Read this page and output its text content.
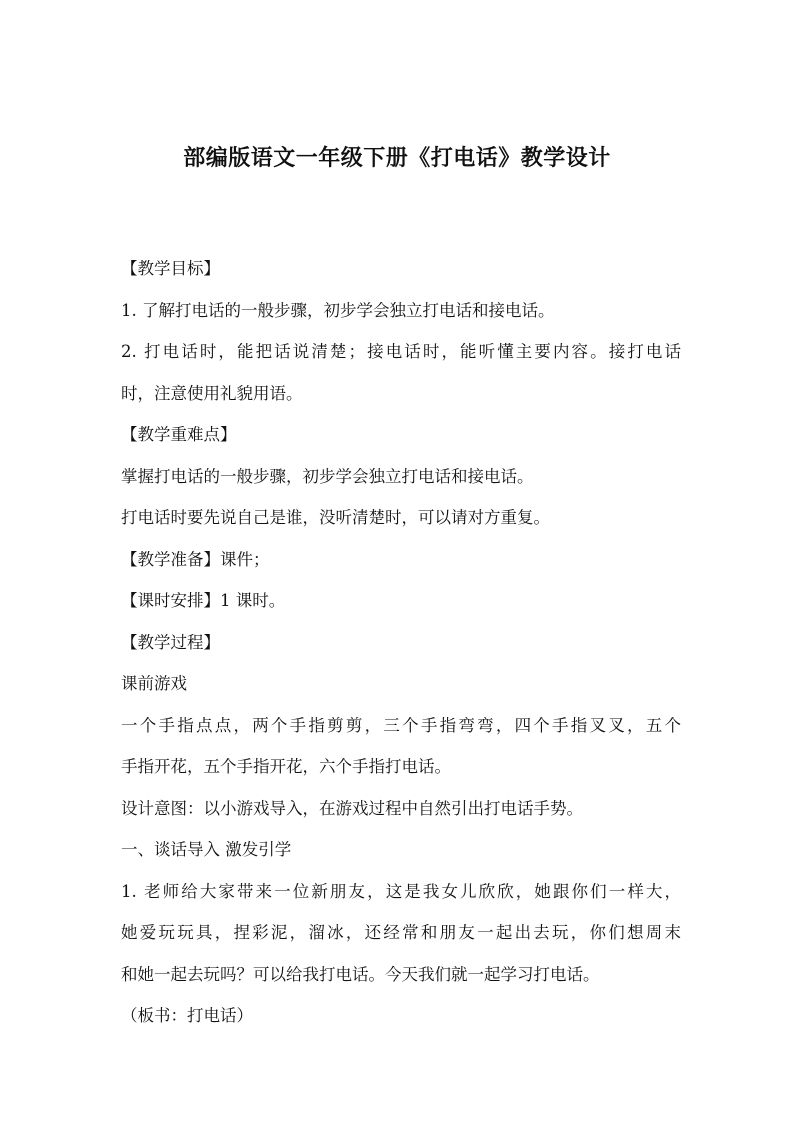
部编版语文一年级下册《打电话》教学设计
【教学目标】
1. 了解打电话的一般步骤，初步学会独立打电话和接电话。
2. 打电话时，能把话说清楚；接电话时，能听懂主要内容。接打电话
时，注意使用礼貌用语。
【教学重难点】
掌握打电话的一般步骤，初步学会独立打电话和接电话。
打电话时要先说自己是谁，没听清楚时，可以请对方重复。
【教学准备】课件；
【课时安排】1 课时。
【教学过程】
课前游戏
一个手指点点，两个手指剪剪，三个手指弯弯，四个手指叉叉，五个
手指开花，五个手指开花，六个手指打电话。
设计意图：以小游戏导入，在游戏过程中自然引出打电话手势。
一、谈话导入 激发引学
1. 老师给大家带来一位新朋友，这是我女儿欣欣，她跟你们一样大，
她爱玩玩具，捏彩泥，溜冰，还经常和朋友一起出去玩，你们想周末
和她一起去玩吗？可以给我打电话。今天我们就一起学习打电话。
（板书：打电话）
